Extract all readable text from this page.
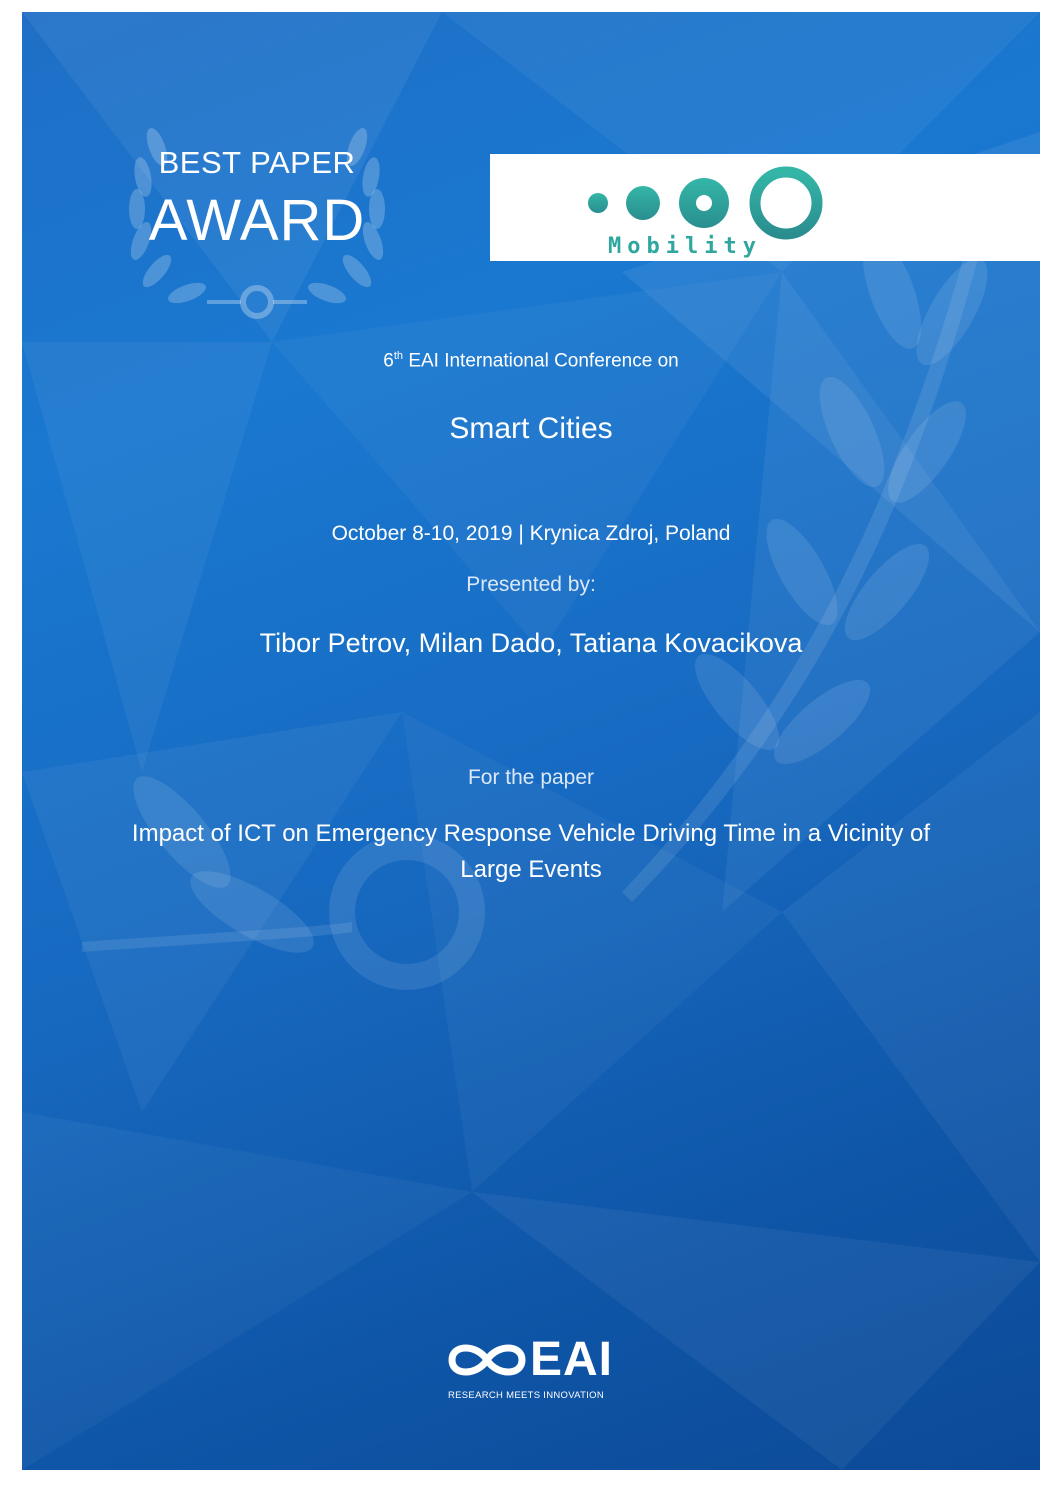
BEST PAPER
AWARD	Mobility
6th EAI International Conference on
Smart Cities
October 8-10, 2019 | Krynica Zdroj, Poland
Presented by:
Tibor Petrov, Milan Dado, Tatiana Kovacikova
For the paper
Impact of ICT on Emergency Response Vehicle Driving Time in a Vicinity of Large Events
EAI
RESEARCH MEETS INNOVATION
